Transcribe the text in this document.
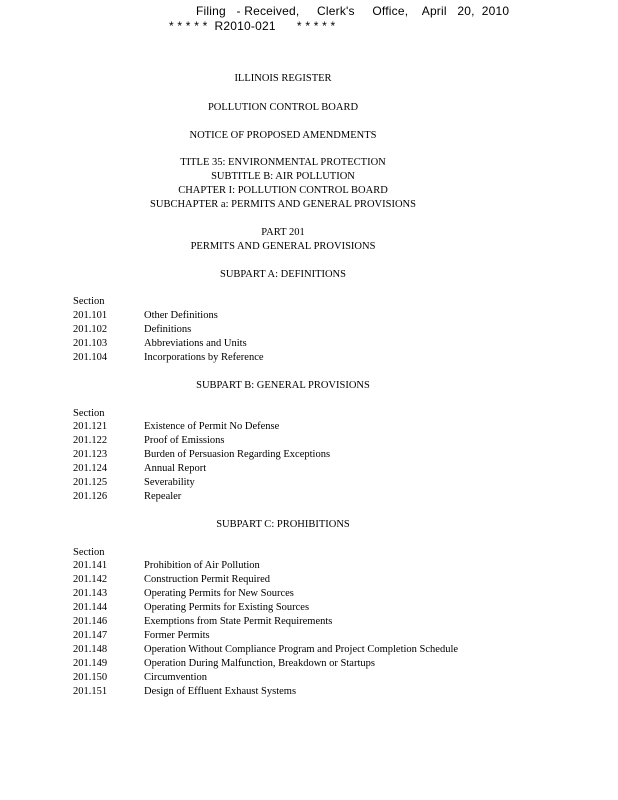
Filing   - Received,     Clerk's     Office,    April   20,  2010
* * * * *  R2010-021      * * * * *
ILLINOIS REGISTER
POLLUTION CONTROL BOARD
NOTICE OF PROPOSED AMENDMENTS
TITLE 35: ENVIRONMENTAL PROTECTION
SUBTITLE B: AIR POLLUTION
CHAPTER I: POLLUTION CONTROL BOARD
SUBCHAPTER a: PERMITS AND GENERAL PROVISIONS
PART 201
PERMITS AND GENERAL PROVISIONS
SUBPART A: DEFINITIONS
Section
201.101	Other Definitions
201.102	Definitions
201.103	Abbreviations and Units
201.104	Incorporations by Reference
SUBPART B: GENERAL PROVISIONS
Section
201.121	Existence of Permit No Defense
201.122	Proof of Emissions
201.123	Burden of Persuasion Regarding Exceptions
201.124	Annual Report
201.125	Severability
201.126	Repealer
SUBPART C: PROHIBITIONS
Section
201.141	Prohibition of Air Pollution
201.142	Construction Permit Required
201.143	Operating Permits for New Sources
201.144	Operating Permits for Existing Sources
201.146	Exemptions from State Permit Requirements
201.147	Former Permits
201.148	Operation Without Compliance Program and Project Completion Schedule
201.149	Operation During Malfunction, Breakdown or Startups
201.150	Circumvention
201.151	Design of Effluent Exhaust Systems
